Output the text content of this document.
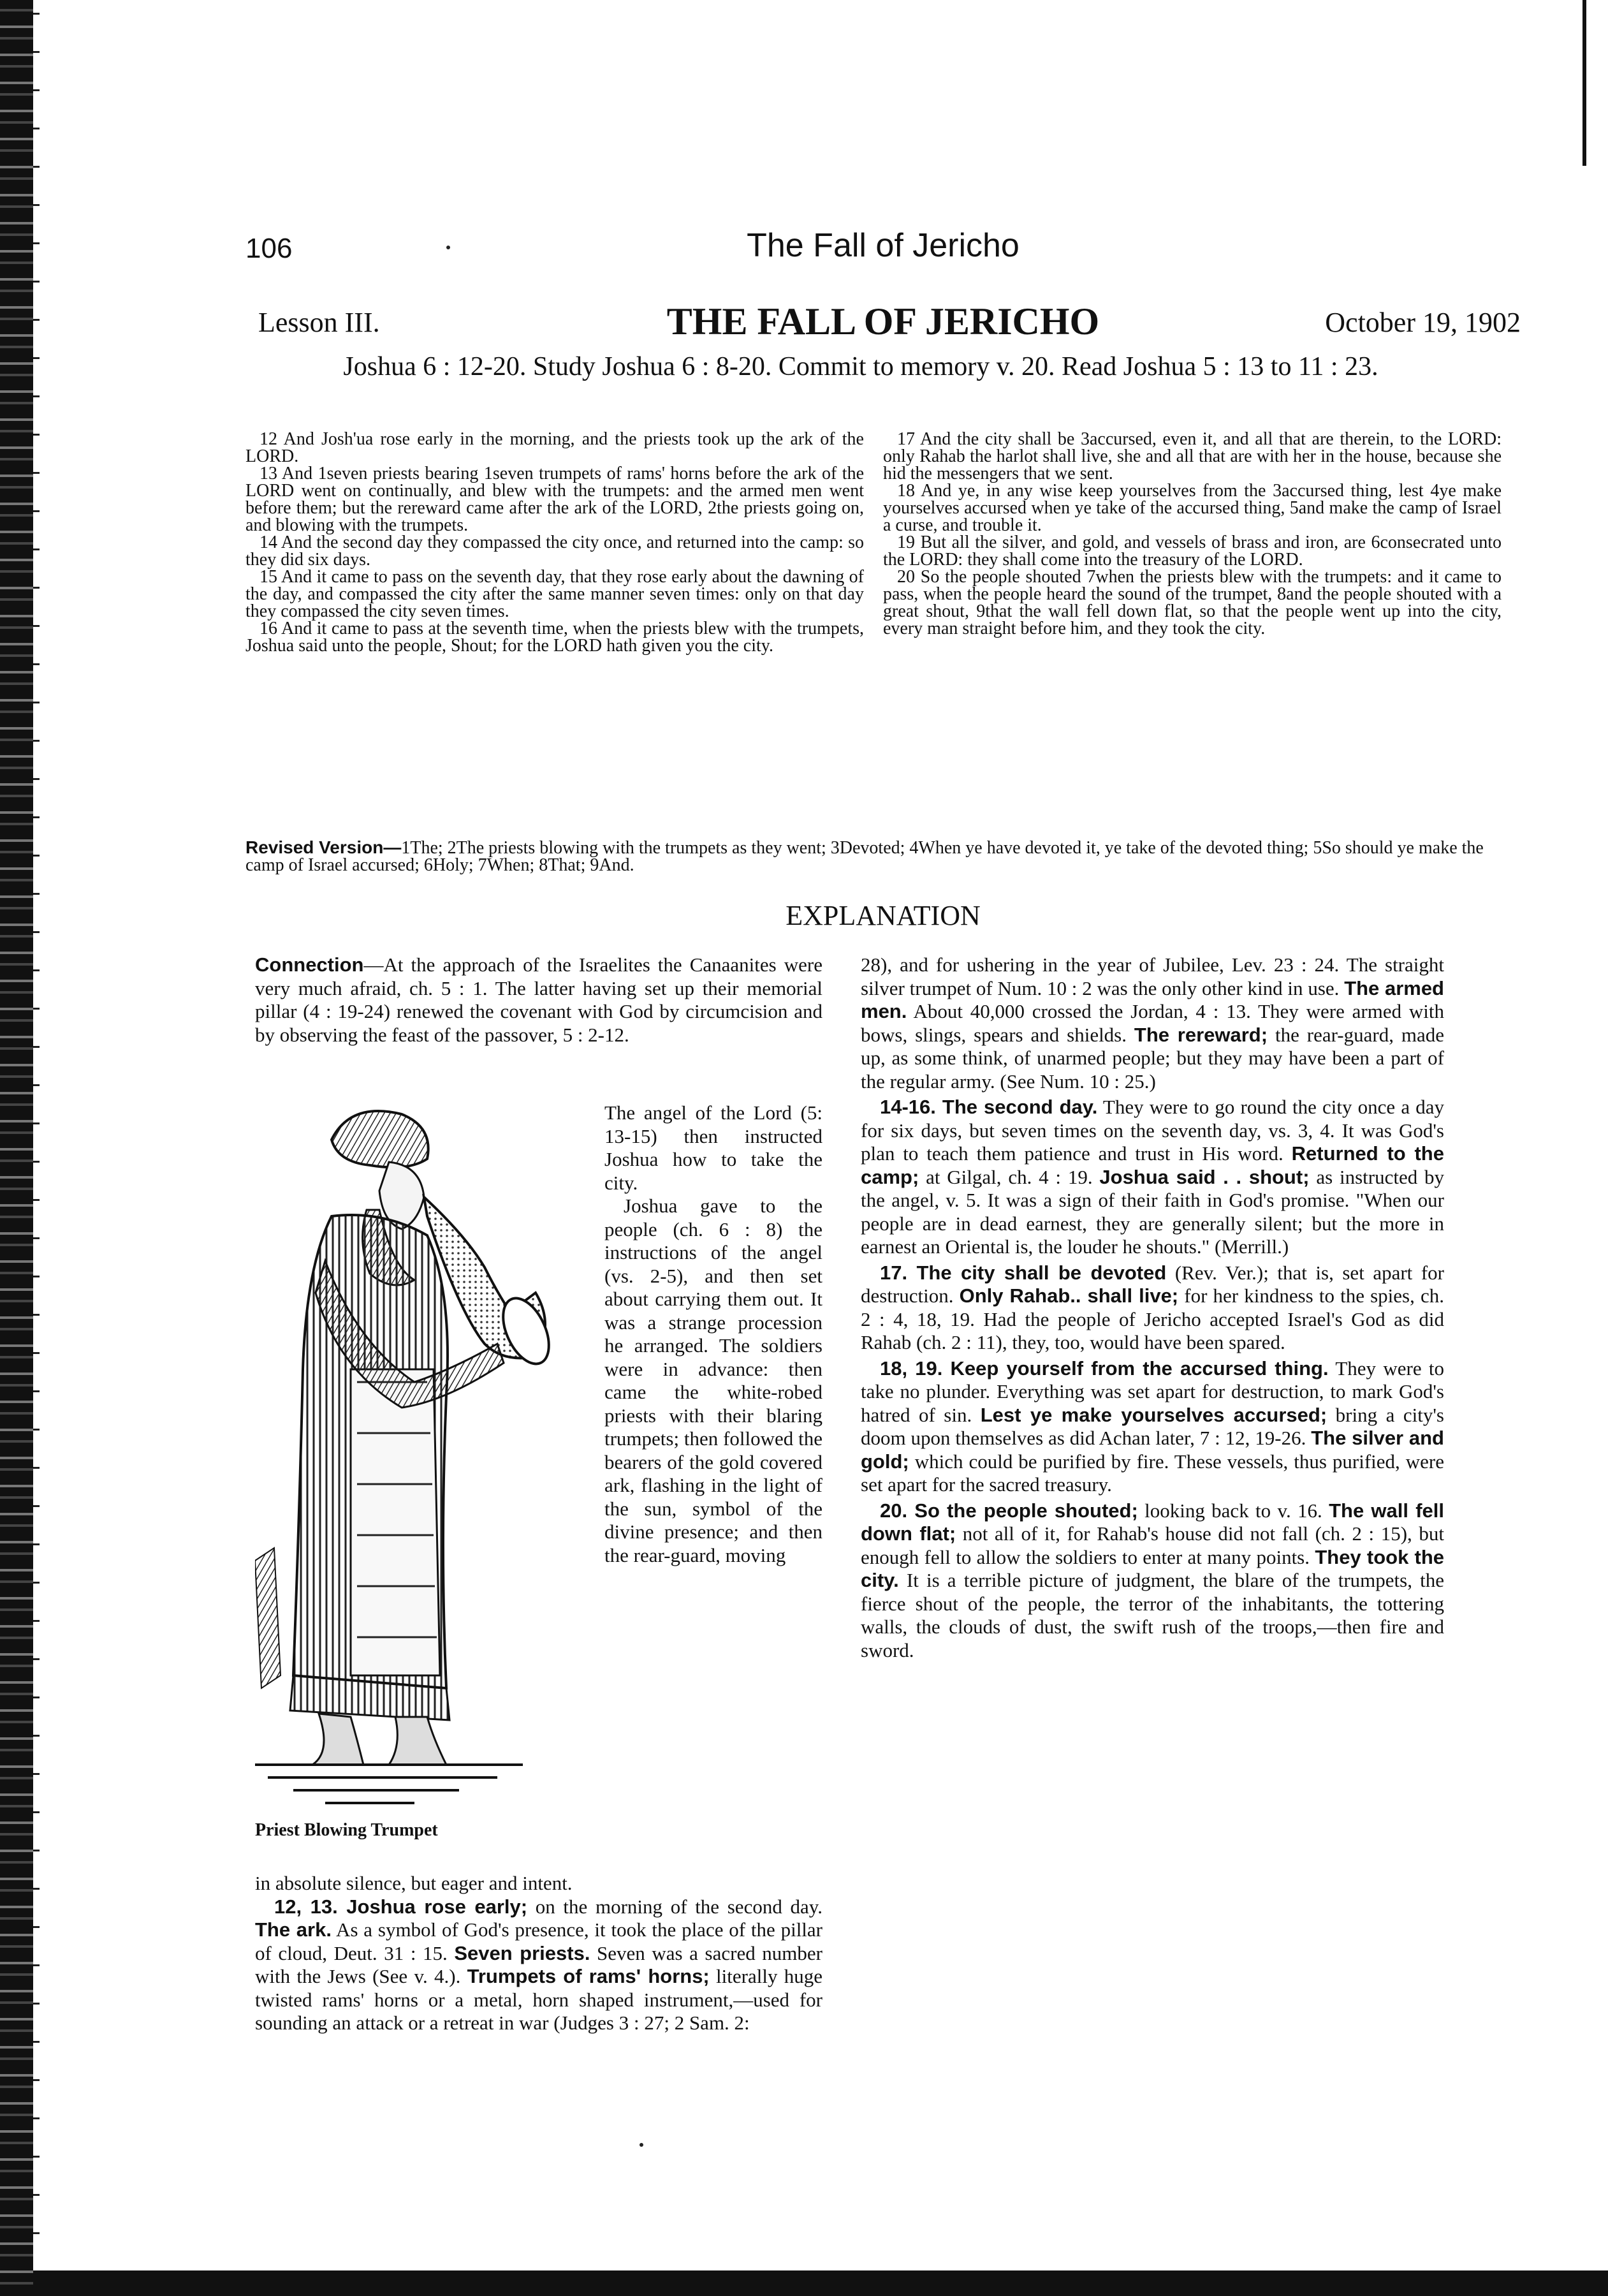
106	The Fall of Jericho
Lesson III.	THE FALL OF JERICHO	October 19, 1902
Joshua 6 : 12-20. Study Joshua 6 : 8-20. Commit to memory v. 20. Read Joshua 5 : 13 to 11 : 23.

12 And Josh'ua rose early in the morning, and the priests took up the ark of the LORD.

13 And 1seven priests bearing 1seven trumpets of rams' horns before the ark of the LORD went on continually, and blew with the trumpets: and the armed men went before them; but the rereward came after the ark of the LORD, 2the priests going on, and blowing with the trumpets.

14 And the second day they compassed the city once, and returned into the camp: so they did six days.

15 And it came to pass on the seventh day, that they rose early about the dawning of the day, and compassed the city after the same manner seven times: only on that day they compassed the city seven times.

16 And it came to pass at the seventh time, when the priests blew with the trumpets, Joshua said unto the people, Shout; for the LORD hath given you the city.

17 And the city shall be 3accursed, even it, and all that are therein, to the LORD: only Rahab the harlot shall live, she and all that are with her in the house, because she hid the messengers that we sent.

18 And ye, in any wise keep yourselves from the 3accursed thing, lest 4ye make yourselves accursed when ye take of the accursed thing, 5and make the camp of Israel a curse, and trouble it.

19 But all the silver, and gold, and vessels of brass and iron, are 6consecrated unto the LORD: they shall come into the treasury of the LORD.

20 So the people shouted 7when the priests blew with the trumpets: and it came to pass, when the people heard the sound of the trumpet, 8and the people shouted with a great shout, 9that the wall fell down flat, so that the people went up into the city, every man straight before him, and they took the city.

Revised Version—1The; 2The priests blowing with the trumpets as they went; 3Devoted; 4When ye have devoted it, ye take of the devoted thing; 5So should ye make the camp of Israel accursed; 6Holy; 7When; 8That; 9And.
EXPLANATION

Connection—At the approach of the Israelites the Canaanites were very much afraid, ch. 5 : 1. The latter having set up their memorial pillar (4 : 19-24) renewed the covenant with God by circumcision and by observing the feast of the passover, 5 : 2-12.

Priest Blowing Trumpet

The angel of the Lord (5: 13-15) then instructed Joshua how to take the city.

Joshua gave to the people (ch. 6 : 8) the instructions of the angel (vs. 2-5), and then set about carrying them out. It was a strange procession he arranged. The soldiers were in advance: then came the white-robed priests with their blaring trumpets; then followed the bearers of the gold covered ark, flashing in the light of the sun, symbol of the divine presence; and then the rear-guard, moving

in absolute silence, but eager and intent.

12, 13. Joshua rose early; on the morning of the second day. The ark. As a symbol of God's presence, it took the place of the pillar of cloud, Deut. 31 : 15. Seven priests. Seven was a sacred number with the Jews (See v. 4.). Trumpets of rams' horns; literally huge twisted rams' horns or a metal, horn shaped instrument,—used for sounding an attack or a retreat in war (Judges 3 : 27; 2 Sam. 2:

28), and for ushering in the year of Jubilee, Lev. 23 : 24. The straight silver trumpet of Num. 10 : 2 was the only other kind in use. The armed men. About 40,000 crossed the Jordan, 4 : 13. They were armed with bows, slings, spears and shields. The rereward; the rear-guard, made up, as some think, of unarmed people; but they may have been a part of the regular army. (See Num. 10 : 25.)

14-16. The second day. They were to go round the city once a day for six days, but seven times on the seventh day, vs. 3, 4. It was God's plan to teach them patience and trust in His word. Returned to the camp; at Gilgal, ch. 4 : 19. Joshua said . . shout; as instructed by the angel, v. 5. It was a sign of their faith in God's promise. "When our people are in dead earnest, they are generally silent; but the more in earnest an Oriental is, the louder he shouts." (Merrill.)

17. The city shall be devoted (Rev. Ver.); that is, set apart for destruction. Only Rahab.. shall live; for her kindness to the spies, ch. 2 : 4, 18, 19. Had the people of Jericho accepted Israel's God as did Rahab (ch. 2 : 11), they, too, would have been spared.

18, 19. Keep yourself from the accursed thing. They were to take no plunder. Everything was set apart for destruction, to mark God's hatred of sin. Lest ye make yourselves accursed; bring a city's doom upon themselves as did Achan later, 7 : 12, 19-26. The silver and gold; which could be purified by fire. These vessels, thus purified, were set apart for the sacred treasury.

20. So the people shouted; looking back to v. 16. The wall fell down flat; not all of it, for Rahab's house did not fall (ch. 2 : 15), but enough fell to allow the soldiers to enter at many points. They took the city. It is a terrible picture of judgment, the blare of the trumpets, the fierce shout of the people, the terror of the inhabitants, the tottering walls, the clouds of dust, the swift rush of the troops,—then fire and sword.
